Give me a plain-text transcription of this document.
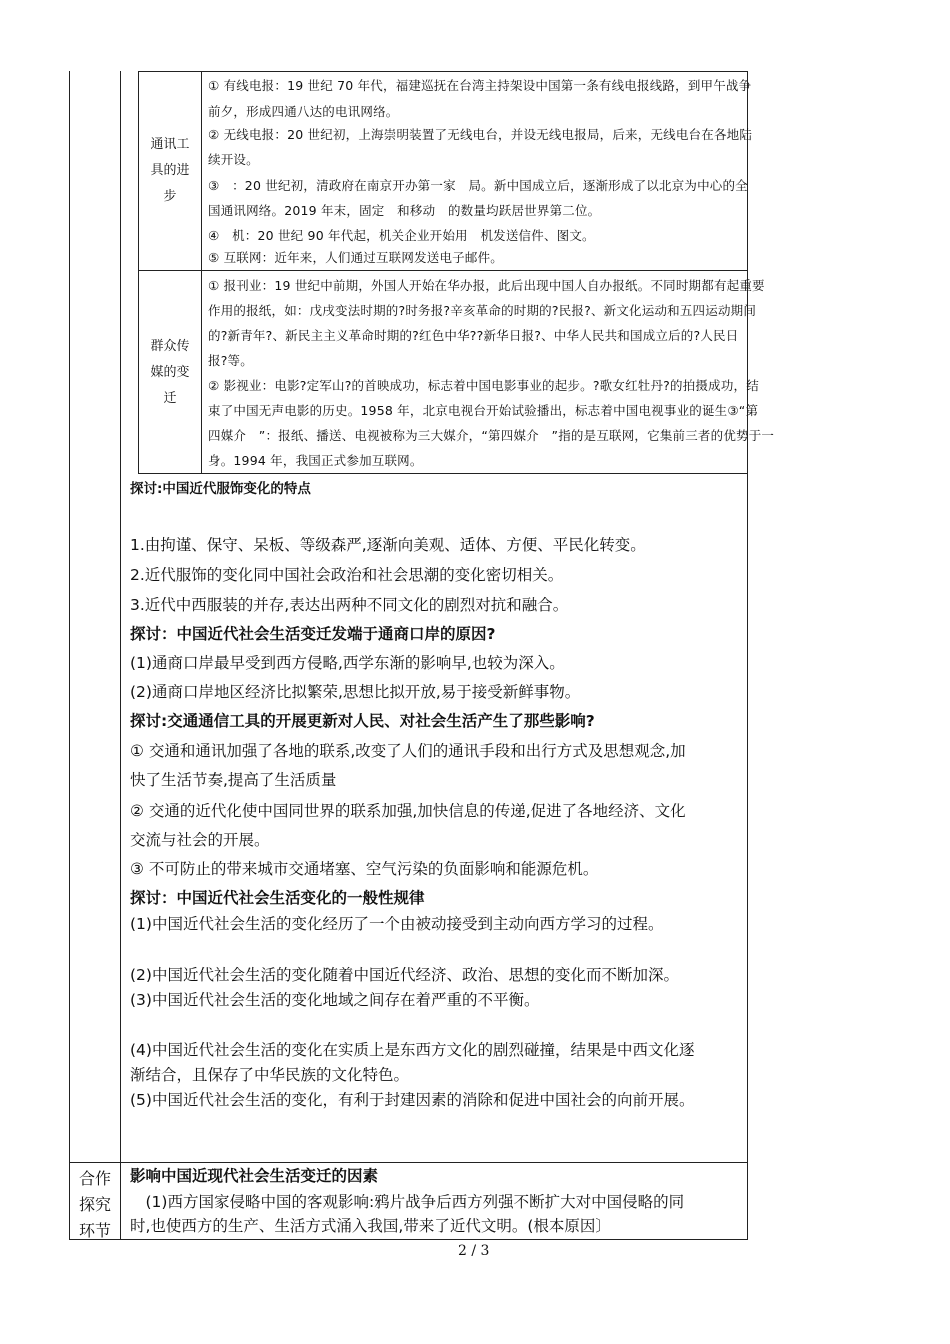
通讯工
具的进
步
① 有线电报：19 世纪 70 年代，福建巡抚在台湾主持架设中国第一条有线电报线路，到甲午战争
前夕，形成四通八达的电讯网络。
② 无线电报：20 世纪初，上海崇明装置了无线电台，并设无线电报局，后来，无线电台在各地陆
续开设。
③　：20 世纪初，清政府在南京开办第一家　局。新中国成立后，逐渐形成了以北京为中心的全
国通讯网络。2019 年末，固定　和移动　的数量均跃居世界第二位。
④　机：20 世纪 90 年代起，机关企业开始用　机发送信件、图文。
⑤ 互联网：近年来，人们通过互联网发送电子邮件。
群众传
媒的变
迁
① 报刊业：19 世纪中前期，外国人开始在华办报，此后出现中国人自办报纸。不同时期都有起重要
作用的报纸，如：戊戌变法时期的?时务报?辛亥革命的时期的?民报?、新文化运动和五四运动期间
的?新青年?、新民主主义革命时期的?红色中华??新华日报?、中华人民共和国成立后的?人民日
报?等。
② 影视业：电影?定军山?的首映成功，标志着中国电影事业的起步。?歌女红牡丹?的拍摄成功，结
束了中国无声电影的历史。1958 年，北京电视台开始试验播出，标志着中国电视事业的诞生③“第
四媒介　”：报纸、播送、电视被称为三大媒介，“第四媒介　”指的是互联网，它集前三者的优势于一
身。1994 年，我国正式参加互联网。
探讨:中国近代服饰变化的特点
1.由拘谨、保守、呆板、等级森严,逐渐向美观、适体、方便、平民化转变。
2.近代服饰的变化同中国社会政治和社会思潮的变化密切相关。
3.近代中西服装的并存,表达出两种不同文化的剧烈对抗和融合。
探讨：中国近代社会生活变迁发端于通商口岸的原因?
(1)通商口岸最早受到西方侵略,西学东渐的影响早,也较为深入。
(2)通商口岸地区经济比拟繁荣,思想比拟开放,易于接受新鲜事物。
探讨:交通通信工具的开展更新对人民、对社会生活产生了那些影响?
① 交通和通讯加强了各地的联系,改变了人们的通讯手段和出行方式及思想观念,加
快了生活节奏,提高了生活质量
② 交通的近代化使中国同世界的联系加强,加快信息的传递,促进了各地经济、文化
交流与社会的开展。
③ 不可防止的带来城市交通堵塞、空气污染的负面影响和能源危机。
探讨：中国近代社会生活变化的一般性规律
(1)中国近代社会生活的变化经历了一个由被动接受到主动向西方学习的过程。
(2)中国近代社会生活的变化随着中国近代经济、政治、思想的变化而不断加深。
(3)中国近代社会生活的变化地域之间存在着严重的不平衡。
(4)中国近代社会生活的变化在实质上是东西方文化的剧烈碰撞，结果是中西文化逐
渐结合，且保存了中华民族的文化特色。
(5)中国近代社会生活的变化，有利于封建因素的消除和促进中国社会的向前开展。
合作
探究
环节
影响中国近现代社会生活变迁的因素
　(1)西方国家侵略中国的客观影响:鸦片战争后西方列强不断扩大对中国侵略的同
时,也使西方的生产、生活方式涌入我国,带来了近代文明。(根本原因〕
2 / 3
